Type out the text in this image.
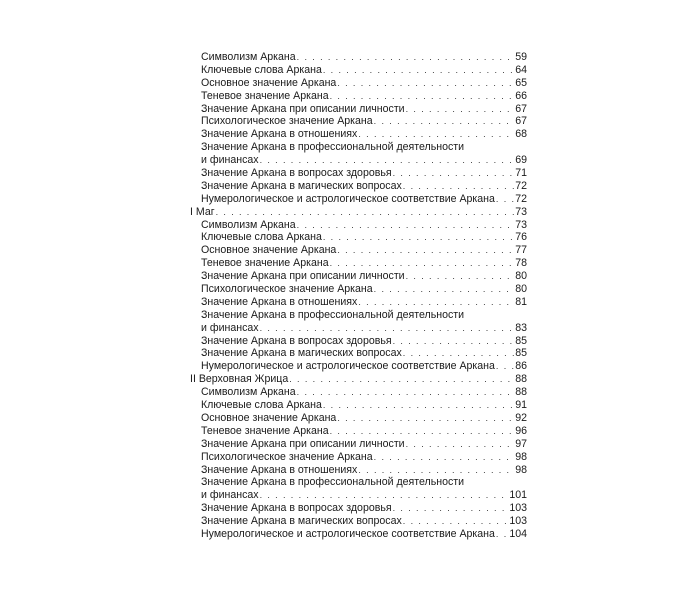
Символизм Аркана . . .	59
Ключевые слова Аркана . . .	64
Основное значение Аркана . . .	65
Теневое значение Аркана . . .	66
Значение Аркана при описании личности . . .	67
Психологическое значение Аркана . . .	67
Значение Аркана в отношениях . . .	68
Значение Аркана в профессиональной деятельности
и финансах . . .	69
Значение Аркана в вопросах здоровья . . .	71
Значение Аркана в магических вопросах . . .	72
Нумерологическое и астрологическое соответствие Аркана . . . 72
I Маг . . .	73
Символизм Аркана . . .	73
Ключевые слова Аркана . . .	76
Основное значение Аркана . . .	77
Теневое значение Аркана . . .	78
Значение Аркана при описании личности . . .	80
Психологическое значение Аркана . . .	80
Значение Аркана в отношениях . . .	81
Значение Аркана в профессиональной деятельности
и финансах . . .	83
Значение Аркана в вопросах здоровья . . .	85
Значение Аркана в магических вопросах . . .	85
Нумерологическое и астрологическое соответствие Аркана . . . 86
II Верховная Жрица . . .	88
Символизм Аркана . . .	88
Ключевые слова Аркана . . .	91
Основное значение Аркана . . .	92
Теневое значение Аркана . . .	96
Значение Аркана при описании личности . . .	97
Психологическое значение Аркана . . .	98
Значение Аркана в отношениях . . .	98
Значение Аркана в профессиональной деятельности
и финансах . . .	101
Значение Аркана в вопросах здоровья . . .	103
Значение Аркана в магических вопросах . . .	103
Нумерологическое и астрологическое соответствие Аркана . . . 104
